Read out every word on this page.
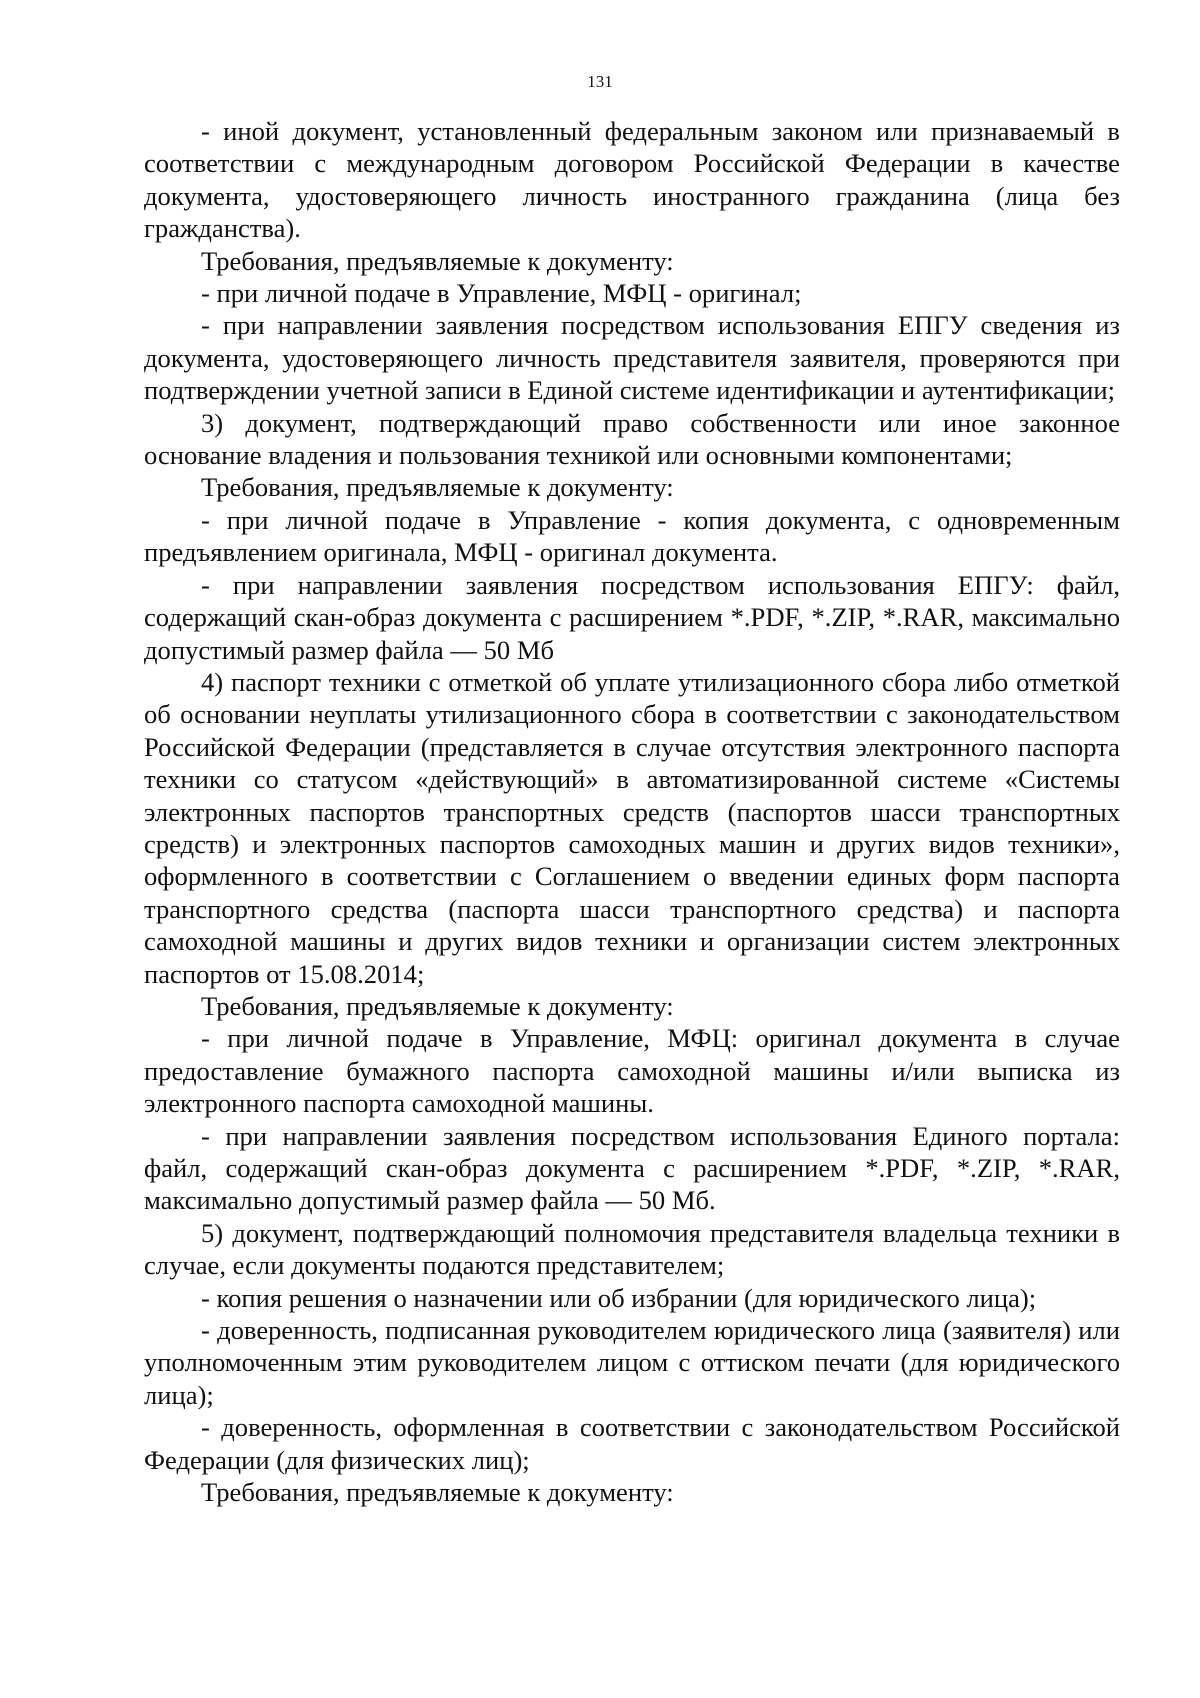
131

- иной документ, установленный федеральным законом или признаваемый в соответствии с международным договором Российской Федерации в качестве документа, удостоверяющего личность иностранного гражданина (лица без гражданства).

Требования, предъявляемые к документу:

- при личной подаче в Управление, МФЦ - оригинал;

- при направлении заявления посредством использования ЕПГУ сведения из документа, удостоверяющего личность представителя заявителя, проверяются при подтверждении учетной записи в Единой системе идентификации и аутентификации;

3) документ, подтверждающий право собственности или иное законное основание владения и пользования техникой или основными компонентами;

Требования, предъявляемые к документу:

- при личной подаче в Управление - копия документа, с одновременным предъявлением оригинала, МФЦ - оригинал документа.

- при направлении заявления посредством использования ЕПГУ: файл, содержащий скан-образ документа с расширением *.PDF, *.ZIP, *.RAR, максимально допустимый размер файла — 50 Мб

4) паспорт техники с отметкой об уплате утилизационного сбора либо отметкой об основании неуплаты утилизационного сбора в соответствии с законодательством Российской Федерации (представляется в случае отсутствия электронного паспорта техники со статусом «действующий» в автоматизированной системе «Системы электронных паспортов транспортных средств (паспортов шасси транспортных средств) и электронных паспортов самоходных машин и других видов техники», оформленного в соответствии с Соглашением о введении единых форм паспорта транспортного средства (паспорта шасси транспортного средства) и паспорта самоходной машины и других видов техники и организации систем электронных паспортов от 15.08.2014;

Требования, предъявляемые к документу:

- при личной подаче в Управление, МФЦ: оригинал документа в случае предоставление бумажного паспорта самоходной машины и/или выписка из электронного паспорта самоходной машины.

- при направлении заявления посредством использования Единого портала: файл, содержащий скан-образ документа с расширением *.PDF, *.ZIP, *.RAR, максимально допустимый размер файла — 50 Мб.

5) документ, подтверждающий полномочия представителя владельца техники в случае, если документы подаются представителем;

- копия решения о назначении или об избрании (для юридического лица);

- доверенность, подписанная руководителем юридического лица (заявителя) или уполномоченным этим руководителем лицом с оттиском печати (для юридического лица);

- доверенность, оформленная в соответствии с законодательством Российской Федерации (для физических лиц);

Требования, предъявляемые к документу:
